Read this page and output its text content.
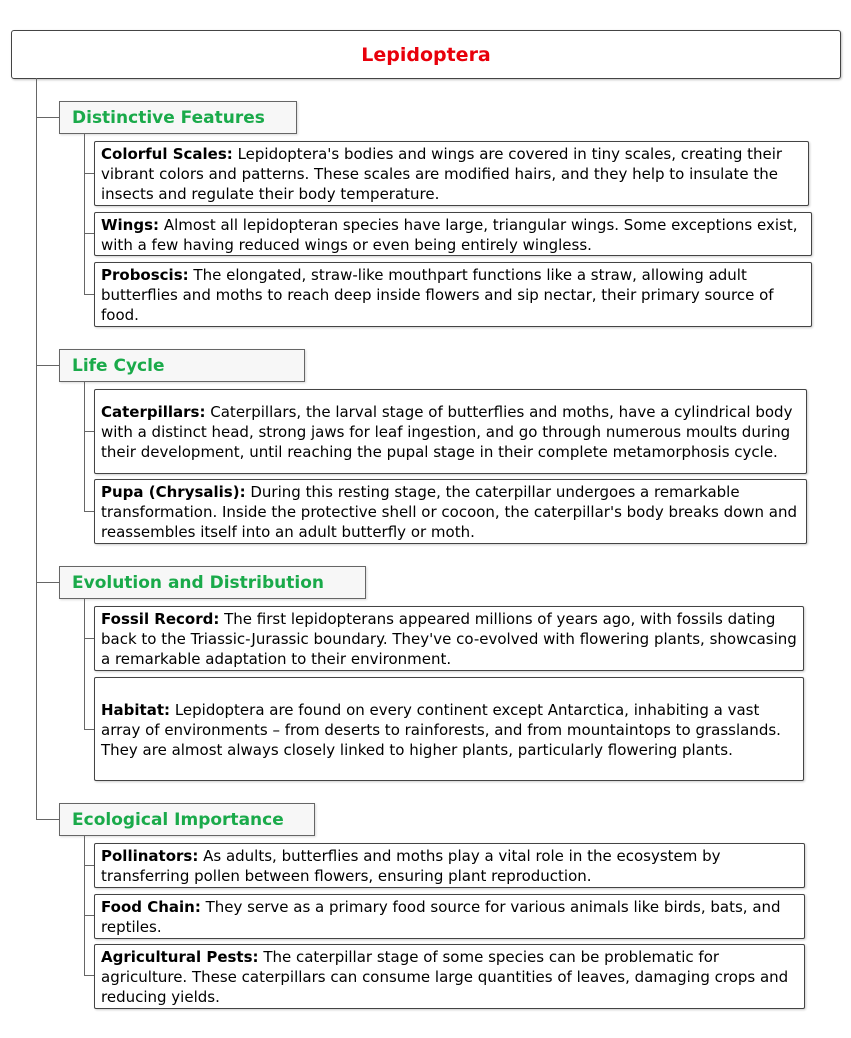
Lepidoptera
Distinctive Features
Colorful Scales: Lepidoptera's bodies and wings are covered in tiny scales, creating their vibrant colors and patterns. These scales are modified hairs, and they help to insulate the insects and regulate their body temperature.
Wings: Almost all lepidopteran species have large, triangular wings. Some exceptions exist, with a few having reduced wings or even being entirely wingless.
Proboscis: The elongated, straw-like mouthpart functions like a straw, allowing adult butterflies and moths to reach deep inside flowers and sip nectar, their primary source of food.
Life Cycle
Caterpillars: Caterpillars, the larval stage of butterflies and moths, have a cylindrical body with a distinct head, strong jaws for leaf ingestion, and go through numerous moults during their development, until reaching the pupal stage in their complete metamorphosis cycle.
Pupa (Chrysalis): During this resting stage, the caterpillar undergoes a remarkable transformation. Inside the protective shell or cocoon, the caterpillar's body breaks down and reassembles itself into an adult butterfly or moth.
Evolution and Distribution
Fossil Record: The first lepidopterans appeared millions of years ago, with fossils dating back to the Triassic-Jurassic boundary. They've co-evolved with flowering plants, showcasing a remarkable adaptation to their environment.
Habitat: Lepidoptera are found on every continent except Antarctica, inhabiting a vast array of environments – from deserts to rainforests, and from mountaintops to grasslands. They are almost always closely linked to higher plants, particularly flowering plants.
Ecological Importance
Pollinators: As adults, butterflies and moths play a vital role in the ecosystem by transferring pollen between flowers, ensuring plant reproduction.
Food Chain: They serve as a primary food source for various animals like birds, bats, and reptiles.
Agricultural Pests: The caterpillar stage of some species can be problematic for agriculture. These caterpillars can consume large quantities of leaves, damaging crops and reducing yields.
